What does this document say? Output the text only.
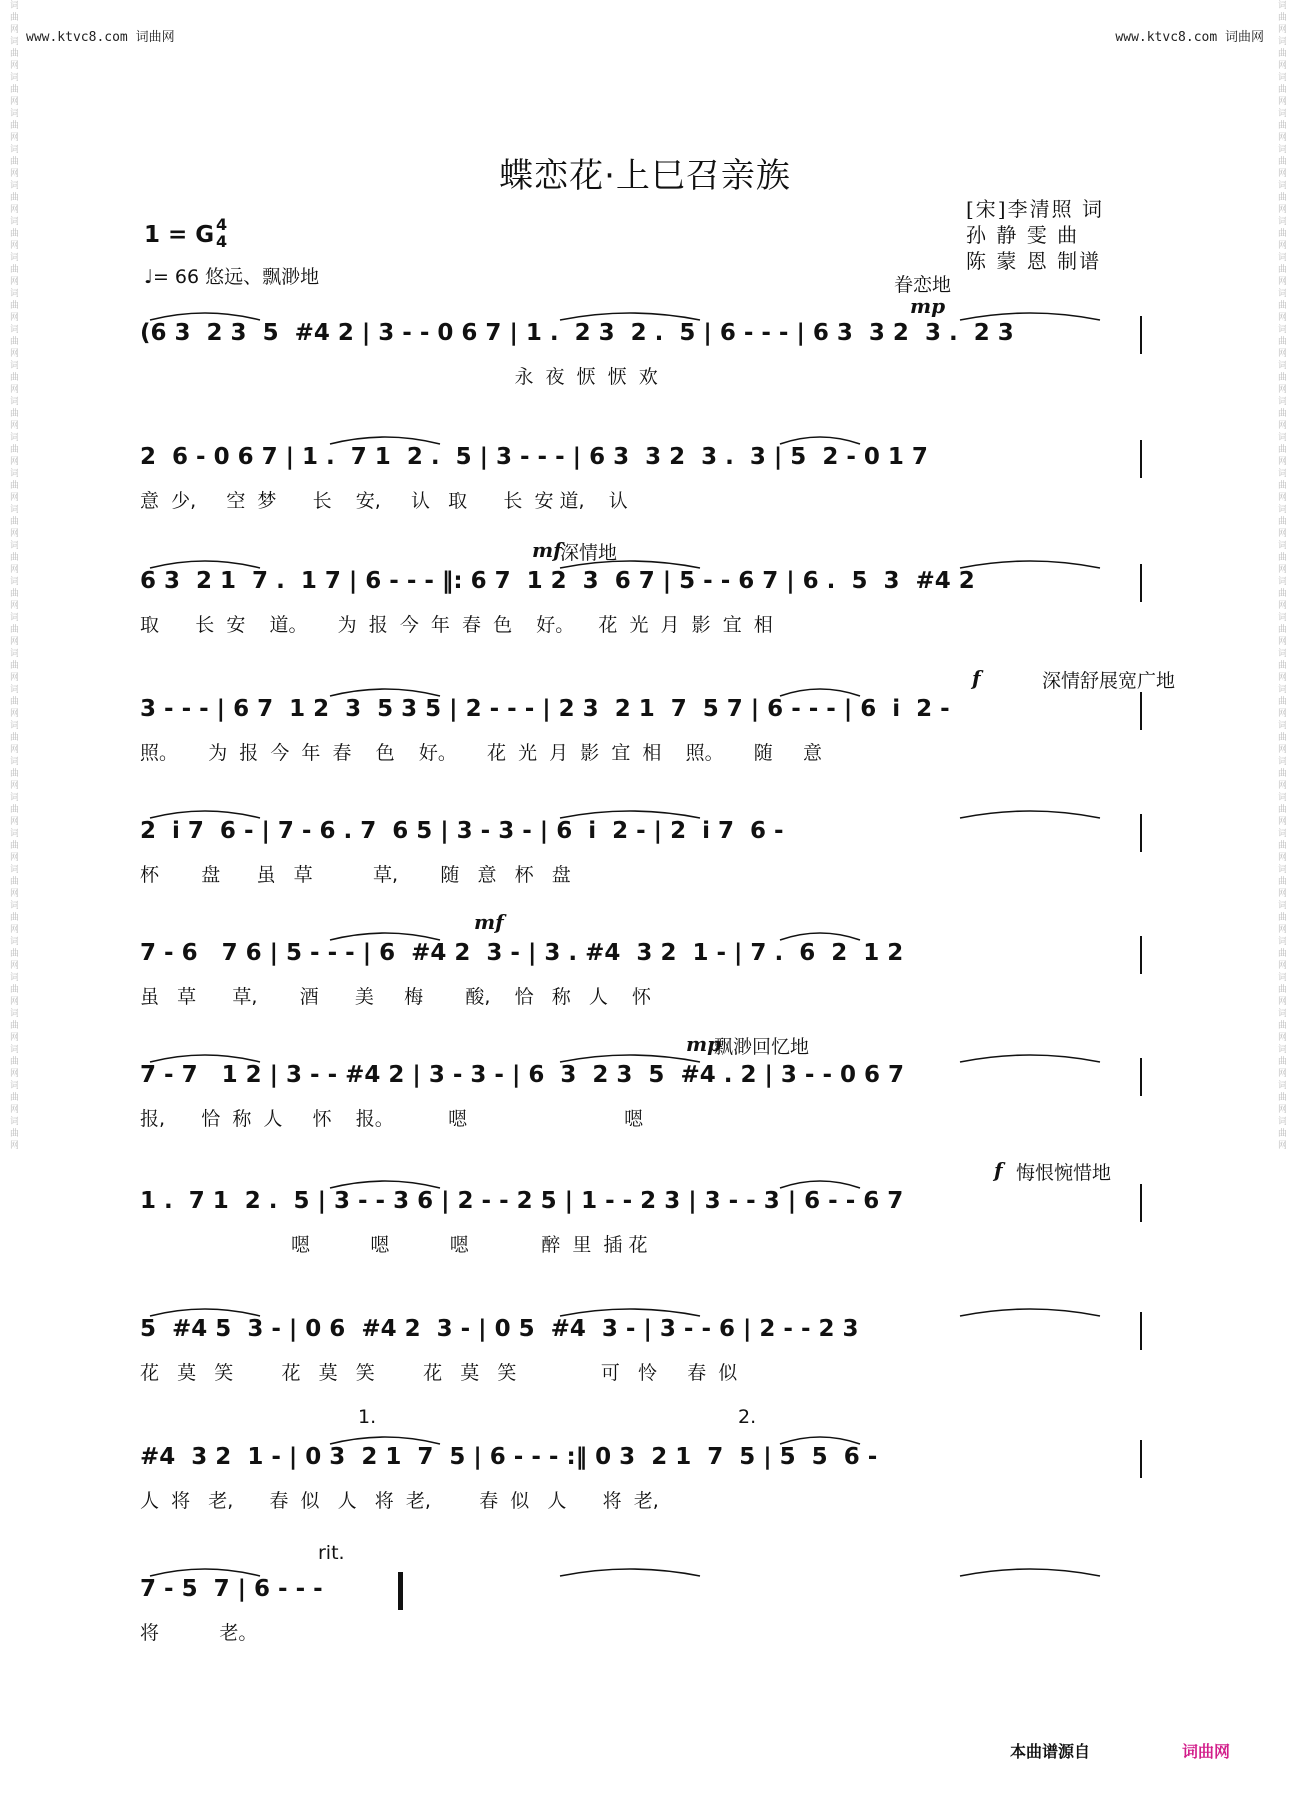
词曲网词曲网词曲网词曲网词曲网词曲网词曲网词曲网词曲网词曲网词曲网词曲网词曲网词曲网词曲网词曲网词曲网词曲网词曲网词曲网词曲网词曲网词曲网词曲网词曲网词曲网词曲网词曲网词曲网词曲网词曲网词曲网	词曲网词曲网词曲网词曲网词曲网词曲网词曲网词曲网词曲网词曲网词曲网词曲网词曲网词曲网词曲网词曲网词曲网词曲网词曲网词曲网词曲网词曲网词曲网词曲网词曲网词曲网词曲网词曲网词曲网词曲网词曲网词曲网
www.ktvc8.com 词曲网	www.ktvc8.com 词曲网
蝶恋花·上巳召亲族
[宋]李清照 词
孙 静 雯 曲
陈 蒙 恩 制谱
1 = G 4
4
♩= 66 悠远、飘渺地
(6 3  2 3  5  #4 2 | 3 - - 0 6 7 | 1 .  2 3  2 .  5 | 6 - - - | 6 3  3 2  3 .  2 3
永  夜  恹  恹  欢
眷恋地
mp
2  6 - 0 6 7 | 1 .  7 1  2 .  5 | 3 - - - | 6 3  3 2  3 .  3 | 5  2 - 0 1 7
意  少,     空  梦      长    安,     认   取      长  安 道,    认
6 3  2 1  7 .  1 7 | 6 - - - ‖: 6 7  1 2  3  6 7 | 5 - - 6 7 | 6 .  5  3  #4 2
取      长  安    道。     为  报  今  年  春  色    好。    花  光  月  影  宜  相
mf
深情地
3 - - - | 6 7  1 2  3  5 3 5 | 2 - - - | 2 3  2 1  7  5 7 | 6 - - - | 6  i  2 -
照。     为  报  今  年  春    色    好。     花  光  月  影  宜  相    照。     随     意
f	深情舒展宽广地
2  i 7  6 - | 7 - 6 . 7  6 5 | 3 - 3 - | 6  i  2 - | 2  i 7  6 -
杯       盘      虽   草          草,       随   意   杯   盘
7 - 6   7 6 | 5 - - - | 6  #4 2  3 - | 3 . #4  3 2  1 - | 7 .  6  2  1 2
虽   草      草,       酒      美     梅       酸,    恰   称   人    怀
mf
7 - 7   1 2 | 3 - - #4 2 | 3 - 3 - | 6  3  2 3  5  #4 . 2 | 3 - - 0 6 7
报,      恰  称  人     怀    报。         嗯                          嗯
mp
飘渺回忆地
1 .  7 1  2 .  5 | 3 - - 3 6 | 2 - - 2 5 | 1 - - 2 3 | 3 - - 3 | 6 - - 6 7
嗯          嗯          嗯            醉  里  插 花
f 悔恨惋惜地
5  #4 5  3 - | 0 6  #4 2  3 - | 0 5  #4  3 - | 3 - - 6 | 2 - - 2 3
花   莫   笑        花   莫   笑        花   莫   笑              可   怜     春  似
#4  3 2  1 - | 0 3  2 1  7  5 | 6 - - - :‖ 0 3  2 1  7  5 | 5  5  6 -
人  将   老,      春  似   人   将  老,        春  似   人      将  老,
1.	2.
7 - 5  7 | 6 - - -
将          老。
rit.
本曲谱源自	词曲网
